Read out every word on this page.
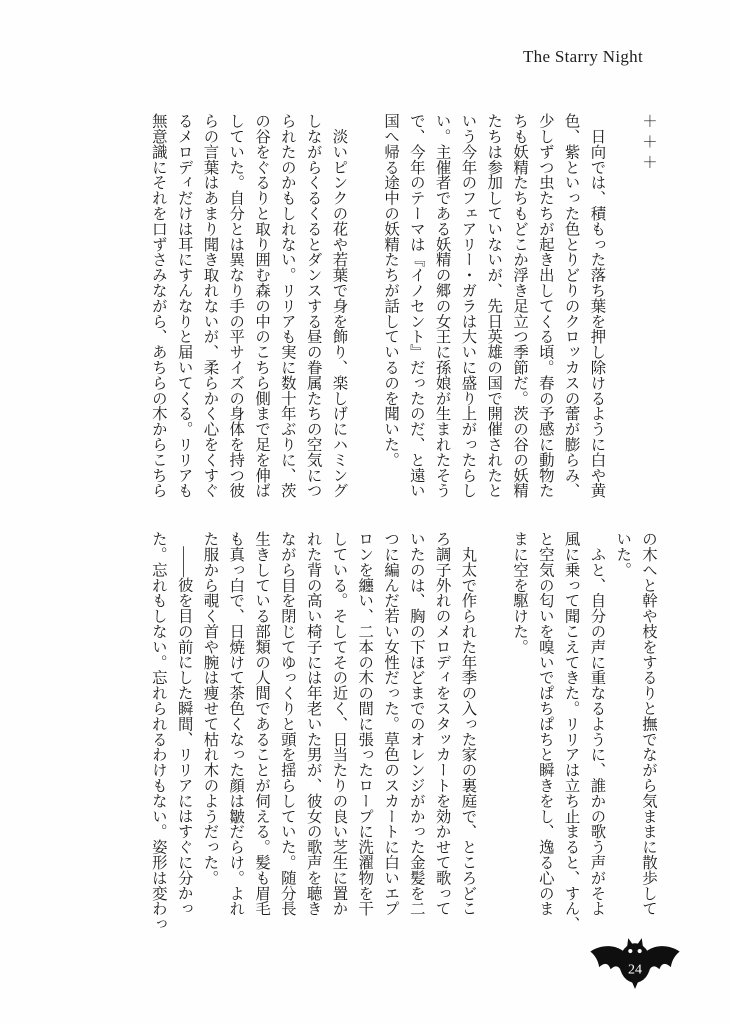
The Starry Night
＋＋＋
　日向では、積もった落ち葉を押し除けるように白や黄
色、紫といった色とりどりのクロッカスの蕾が膨らみ、
少しずつ虫たちが起き出してくる頃。春の予感に動物た
ちも妖精たちもどこか浮き足立つ季節だ。茨の谷の妖精
たちは参加していないが、先日英雄の国で開催されたと
いう今年のフェアリー・ガラは大いに盛り上がったらし
い。主催者である妖精の郷の女王に孫娘が生まれたそう
で、今年のテーマは『イノセント』だったのだ、と遠い
国へ帰る途中の妖精たちが話しているのを聞いた。
　淡いピンクの花や若葉で身を飾り、楽しげにハミング
しながらくるくるとダンスする昼の眷属たちの空気につ
られたのかもしれない。リリアも実に数十年ぶりに、茨
の谷をぐるりと取り囲む森の中のこちら側まで足を伸ば
していた。自分とは異なり手の平サイズの身体を持つ彼
らの言葉はあまり聞き取れないが、柔らかく心をくすぐ
るメロディだけは耳にすんなりと届いてくる。リリアも
無意識にそれを口ずさみながら、あちらの木からこちら
の木へと幹や枝をするりと撫でながら気ままに散歩して
いた。
　ふと、自分の声に重なるように、誰かの歌う声がそよ
風に乗って聞こえてきた。リリアは立ち止まると、すん、
と空気の匂いを嗅いでぱちぱちと瞬きをし、逸る心のま
まに空を駆けた。
　丸太で作られた年季の入った家の裏庭で、ところどこ
ろ調子外れのメロディをスタッカートを効かせて歌って
いたのは、胸の下ほどまでのオレンジがかった金髪を二
つに編んだ若い女性だった。草色のスカートに白いエプ
ロンを纏い、二本の木の間に張ったロープに洗濯物を干
している。そしてその近く、日当たりの良い芝生に置か
れた背の高い椅子には年老いた男が、彼女の歌声を聴き
ながら目を閉じてゆっくりと頭を揺らしていた。随分長
生きしている部類の人間であることが伺える。髪も眉毛
も真っ白で、日焼けて茶色くなった顔は皺だらけ。よれ
た服から覗く首や腕は痩せて枯れ木のようだった。
　――彼を目の前にした瞬間、リリアにはすぐに分かっ
た。忘れもしない。忘れられるわけもない。姿形は変わっ
24
